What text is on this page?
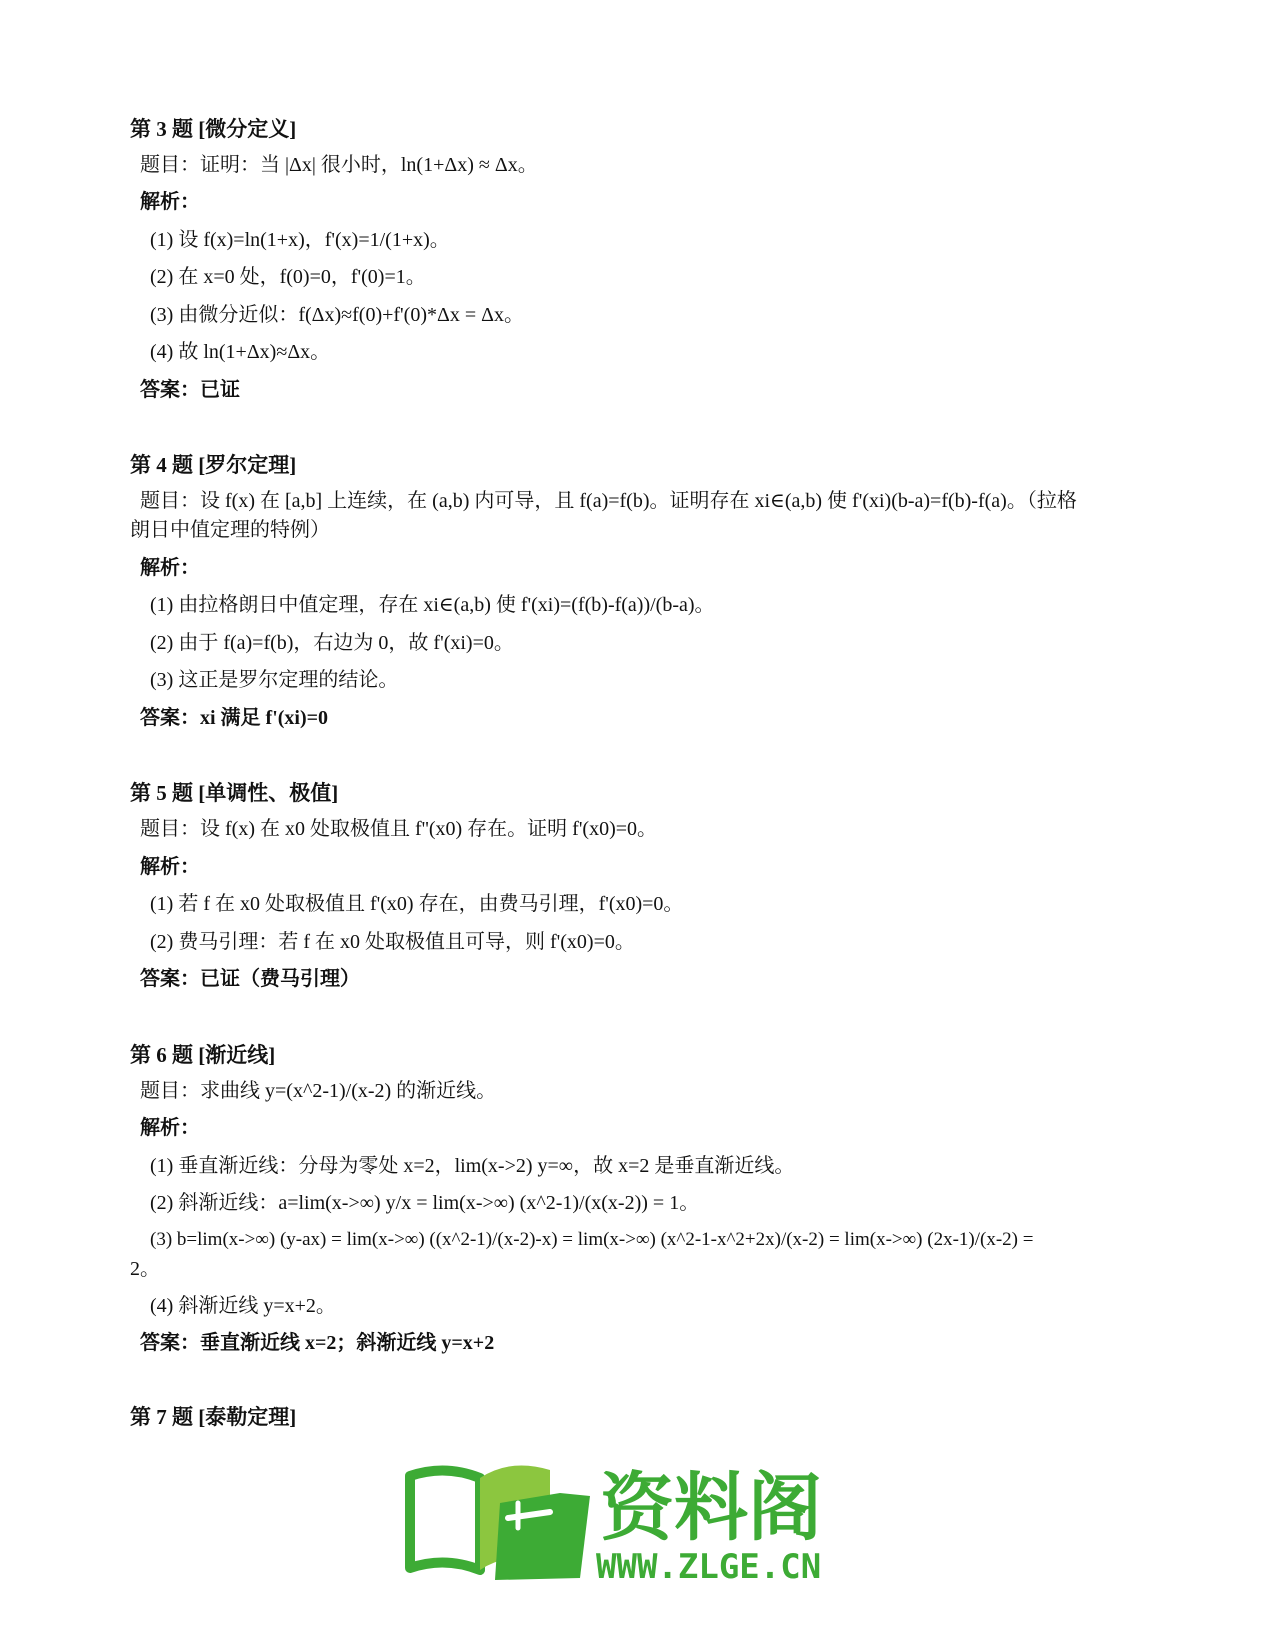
第 3 题 [微分定义]
题目：证明：当 |Δx| 很小时，ln(1+Δx) ≈ Δx。
解析：
(1) 设 f(x)=ln(1+x)，f'(x)=1/(1+x)。
(2) 在 x=0 处，f(0)=0，f'(0)=1。
(3) 由微分近似：f(Δx)≈f(0)+f'(0)*Δx = Δx。
(4) 故 ln(1+Δx)≈Δx。
答案：已证
第 4 题 [罗尔定理]
题目：设 f(x) 在 [a,b] 上连续，在 (a,b) 内可导，且 f(a)=f(b)。证明存在 xi∈(a,b) 使 f'(xi)(b-a)=f(b)-f(a)。（拉格
朗日中值定理的特例）
解析：
(1) 由拉格朗日中值定理，存在 xi∈(a,b) 使 f'(xi)=(f(b)-f(a))/(b-a)。
(2) 由于 f(a)=f(b)，右边为 0，故 f'(xi)=0。
(3) 这正是罗尔定理的结论。
答案：xi 满足 f'(xi)=0
第 5 题 [单调性、极值]
题目：设 f(x) 在 x0 处取极值且 f''(x0) 存在。证明 f'(x0)=0。
解析：
(1) 若 f 在 x0 处取极值且 f'(x0) 存在，由费马引理，f'(x0)=0。
(2) 费马引理：若 f 在 x0 处取极值且可导，则 f'(x0)=0。
答案：已证（费马引理）
第 6 题 [渐近线]
题目：求曲线 y=(x^2-1)/(x-2) 的渐近线。
解析：
(1) 垂直渐近线：分母为零处 x=2，lim(x->2) y=∞，故 x=2 是垂直渐近线。
(2) 斜渐近线：a=lim(x->∞) y/x = lim(x->∞) (x^2-1)/(x(x-2)) = 1。
(3) b=lim(x->∞) (y-ax) = lim(x->∞) ((x^2-1)/(x-2)-x) = lim(x->∞) (x^2-1-x^2+2x)/(x-2) = lim(x->∞) (2x-1)/(x-2) =
2。
(4) 斜渐近线 y=x+2。
答案：垂直渐近线 x=2；斜渐近线 y=x+2
第 7 题 [泰勒定理]
资料阁
WWW.ZLGE.CN
